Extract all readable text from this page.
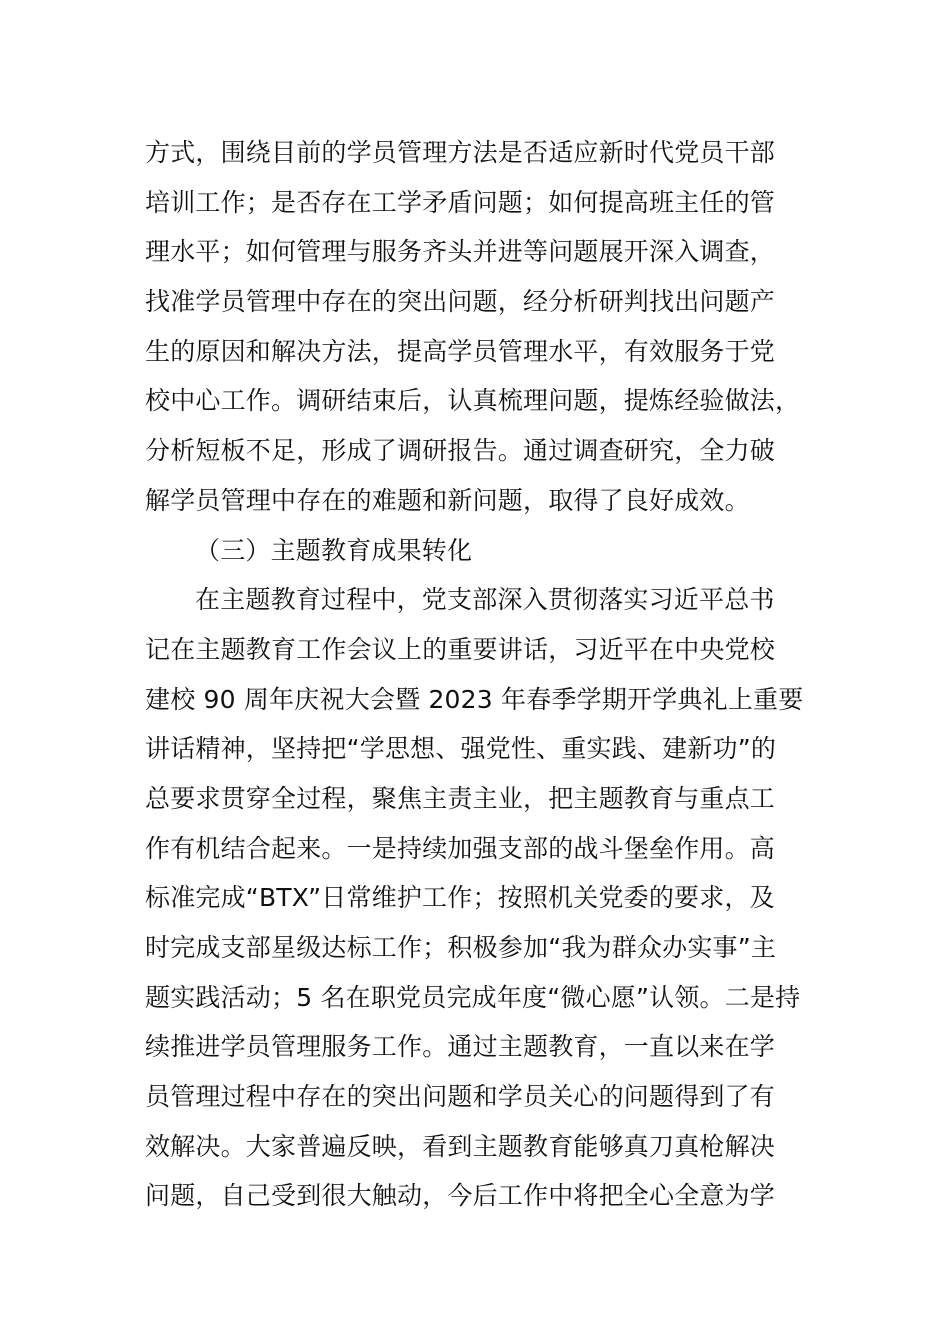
方式，围绕目前的学员管理方法是否适应新时代党员干部
培训工作；是否存在工学矛盾问题；如何提高班主任的管
理水平；如何管理与服务齐头并进等问题展开深入调查，
找准学员管理中存在的突出问题，经分析研判找出问题产
生的原因和解决方法，提高学员管理水平，有效服务于党
校中心工作。调研结束后，认真梳理问题，提炼经验做法，
分析短板不足，形成了调研报告。通过调查研究，全力破
解学员管理中存在的难题和新问题，取得了良好成效。
（三）主题教育成果转化
在主题教育过程中，党支部深入贯彻落实习近平总书
记在主题教育工作会议上的重要讲话，习近平在中央党校
建校 90 周年庆祝大会暨 2023 年春季学期开学典礼上重要
讲话精神，坚持把“学思想、强党性、重实践、建新功”的
总要求贯穿全过程，聚焦主责主业，把主题教育与重点工
作有机结合起来。一是持续加强支部的战斗堡垒作用。高
标准完成“BTX”日常维护工作；按照机关党委的要求，及
时完成支部星级达标工作；积极参加“我为群众办实事”主
题实践活动；5 名在职党员完成年度“微心愿”认领。二是持
续推进学员管理服务工作。通过主题教育，一直以来在学
员管理过程中存在的突出问题和学员关心的问题得到了有
效解决。大家普遍反映，看到主题教育能够真刀真枪解决
问题，自己受到很大触动，今后工作中将把全心全意为学
